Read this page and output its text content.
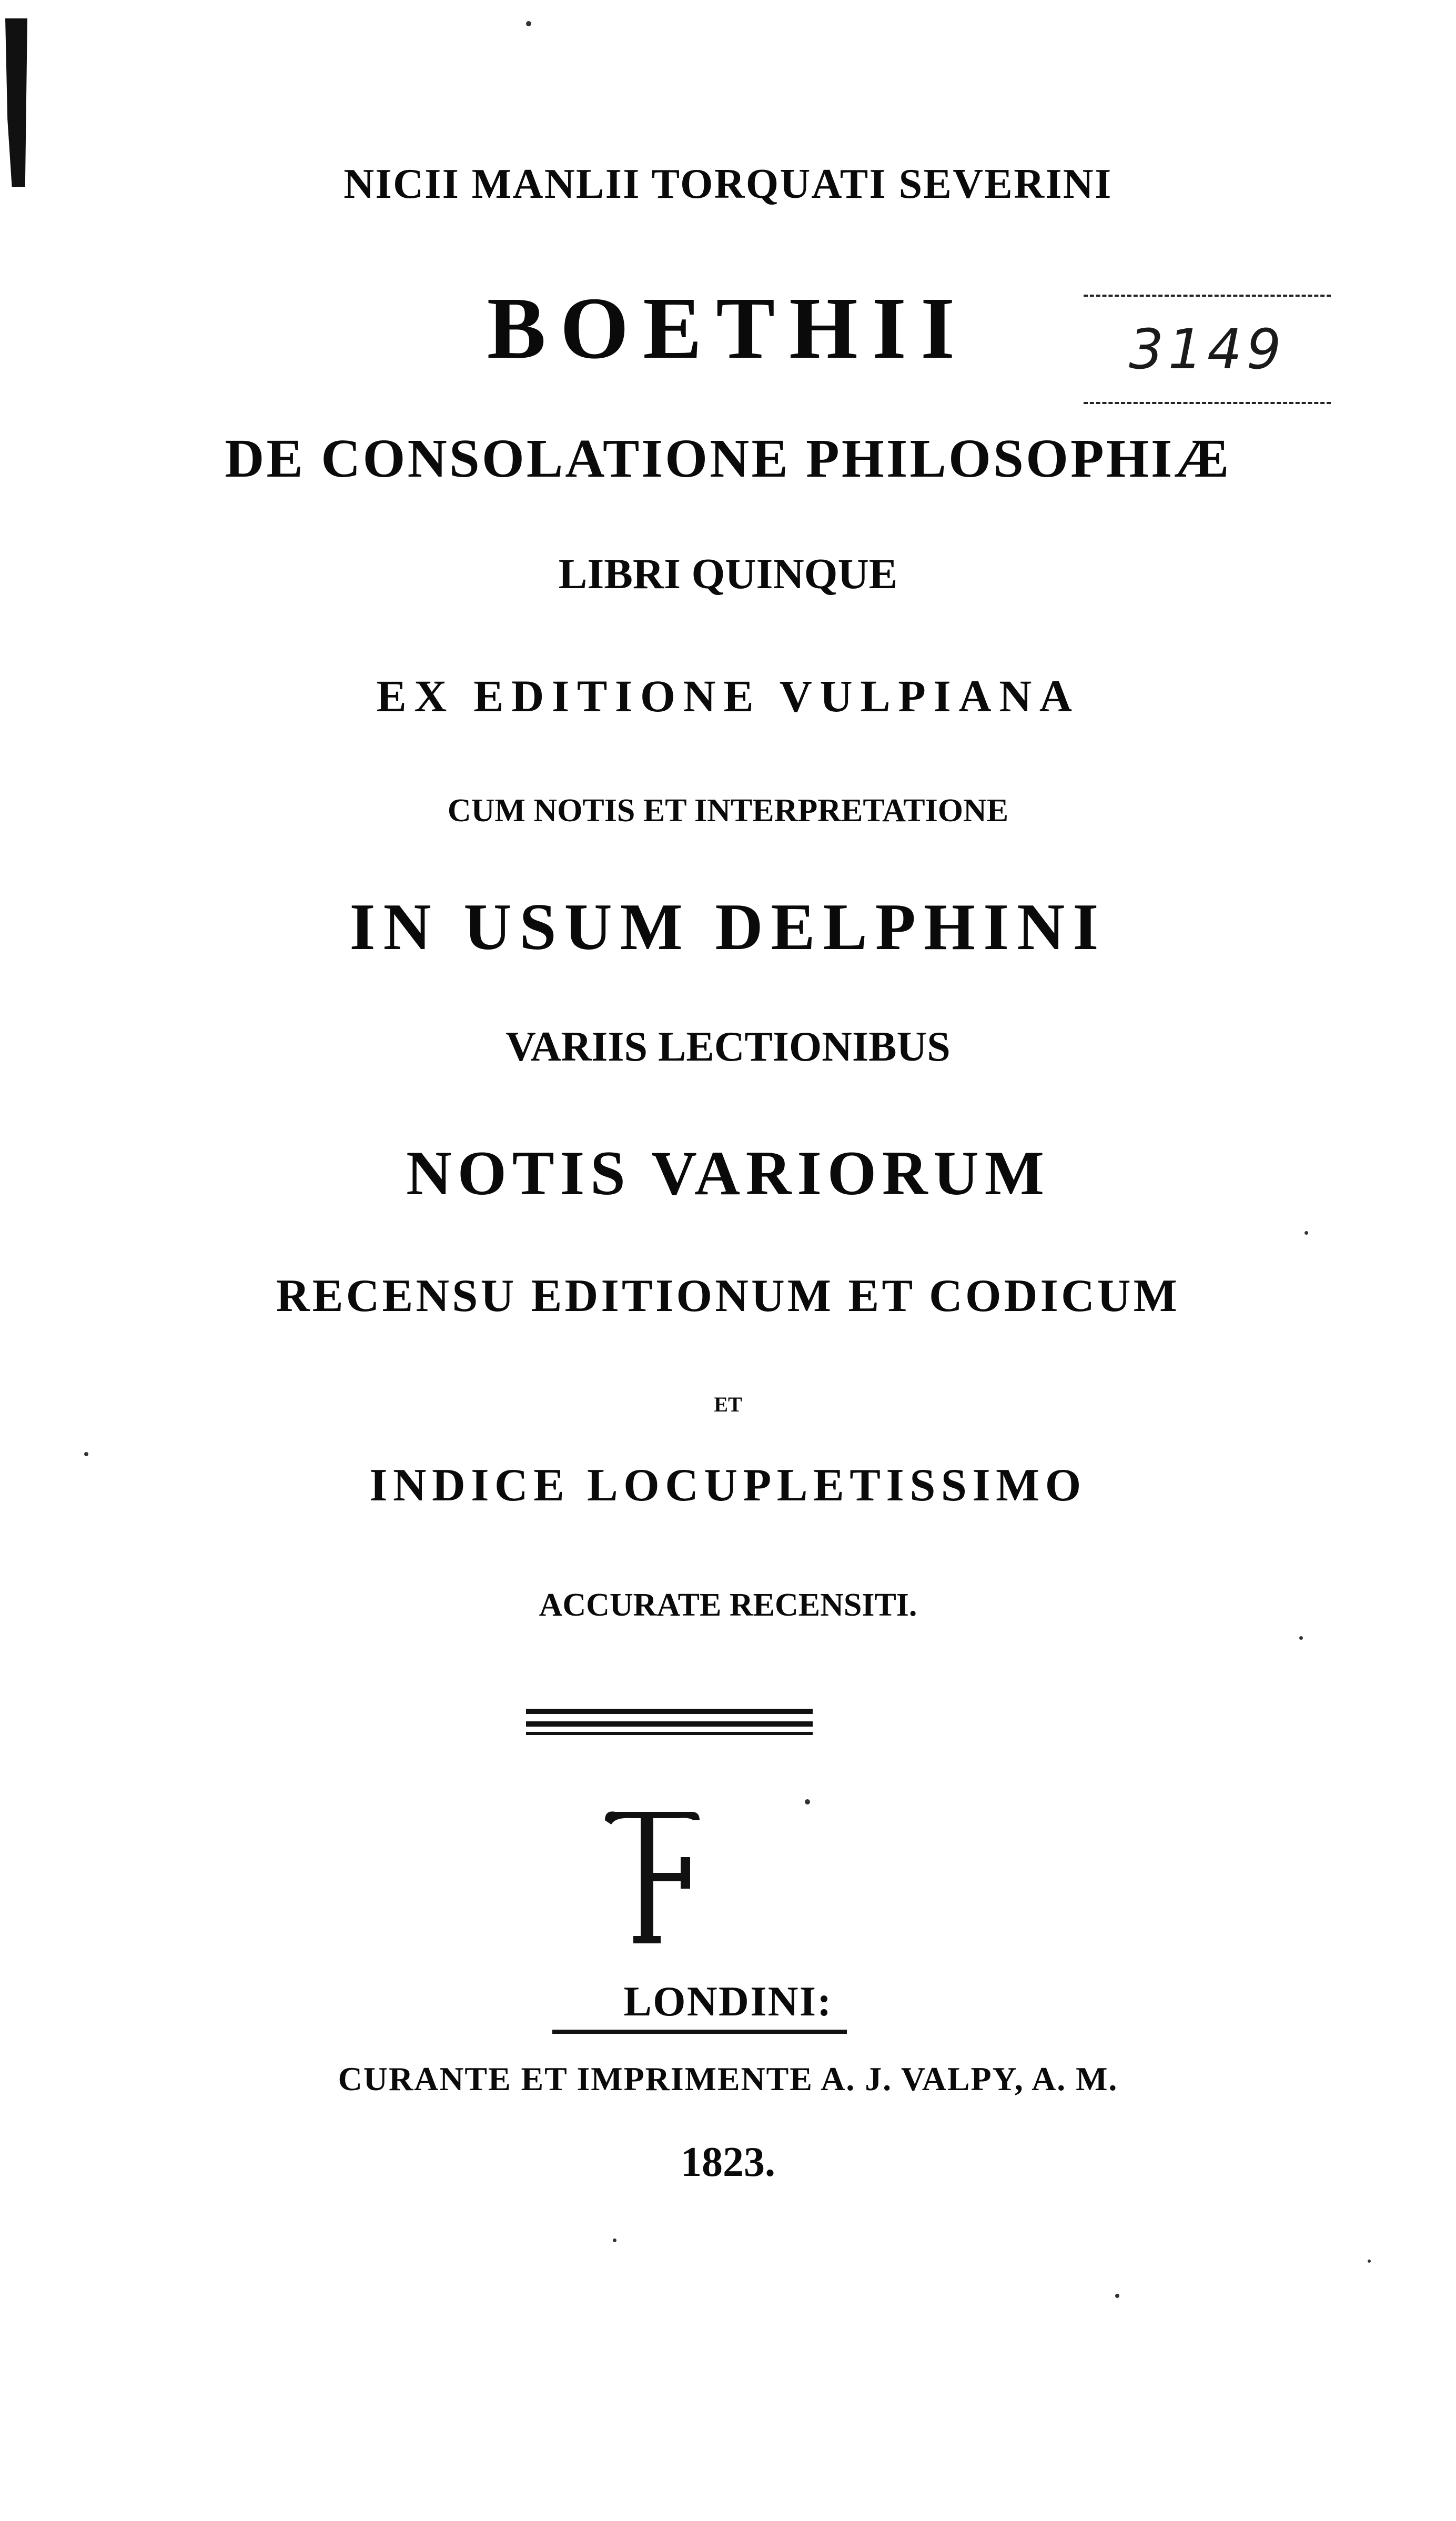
3149
NICII MANLII TORQUATI SEVERINI
BOETHII
DE CONSOLATIONE PHILOSOPHIÆ
LIBRI QUINQUE
EX EDITIONE VULPIANA
CUM NOTIS ET INTERPRETATIONE
IN USUM DELPHINI
VARIIS LECTIONIBUS
NOTIS VARIORUM
RECENSU EDITIONUM ET CODICUM
ET
INDICE LOCUPLETISSIMO
ACCURATE RECENSITI.
LONDINI:
CURANTE ET IMPRIMENTE A. J. VALPY, A. M.
1823.
